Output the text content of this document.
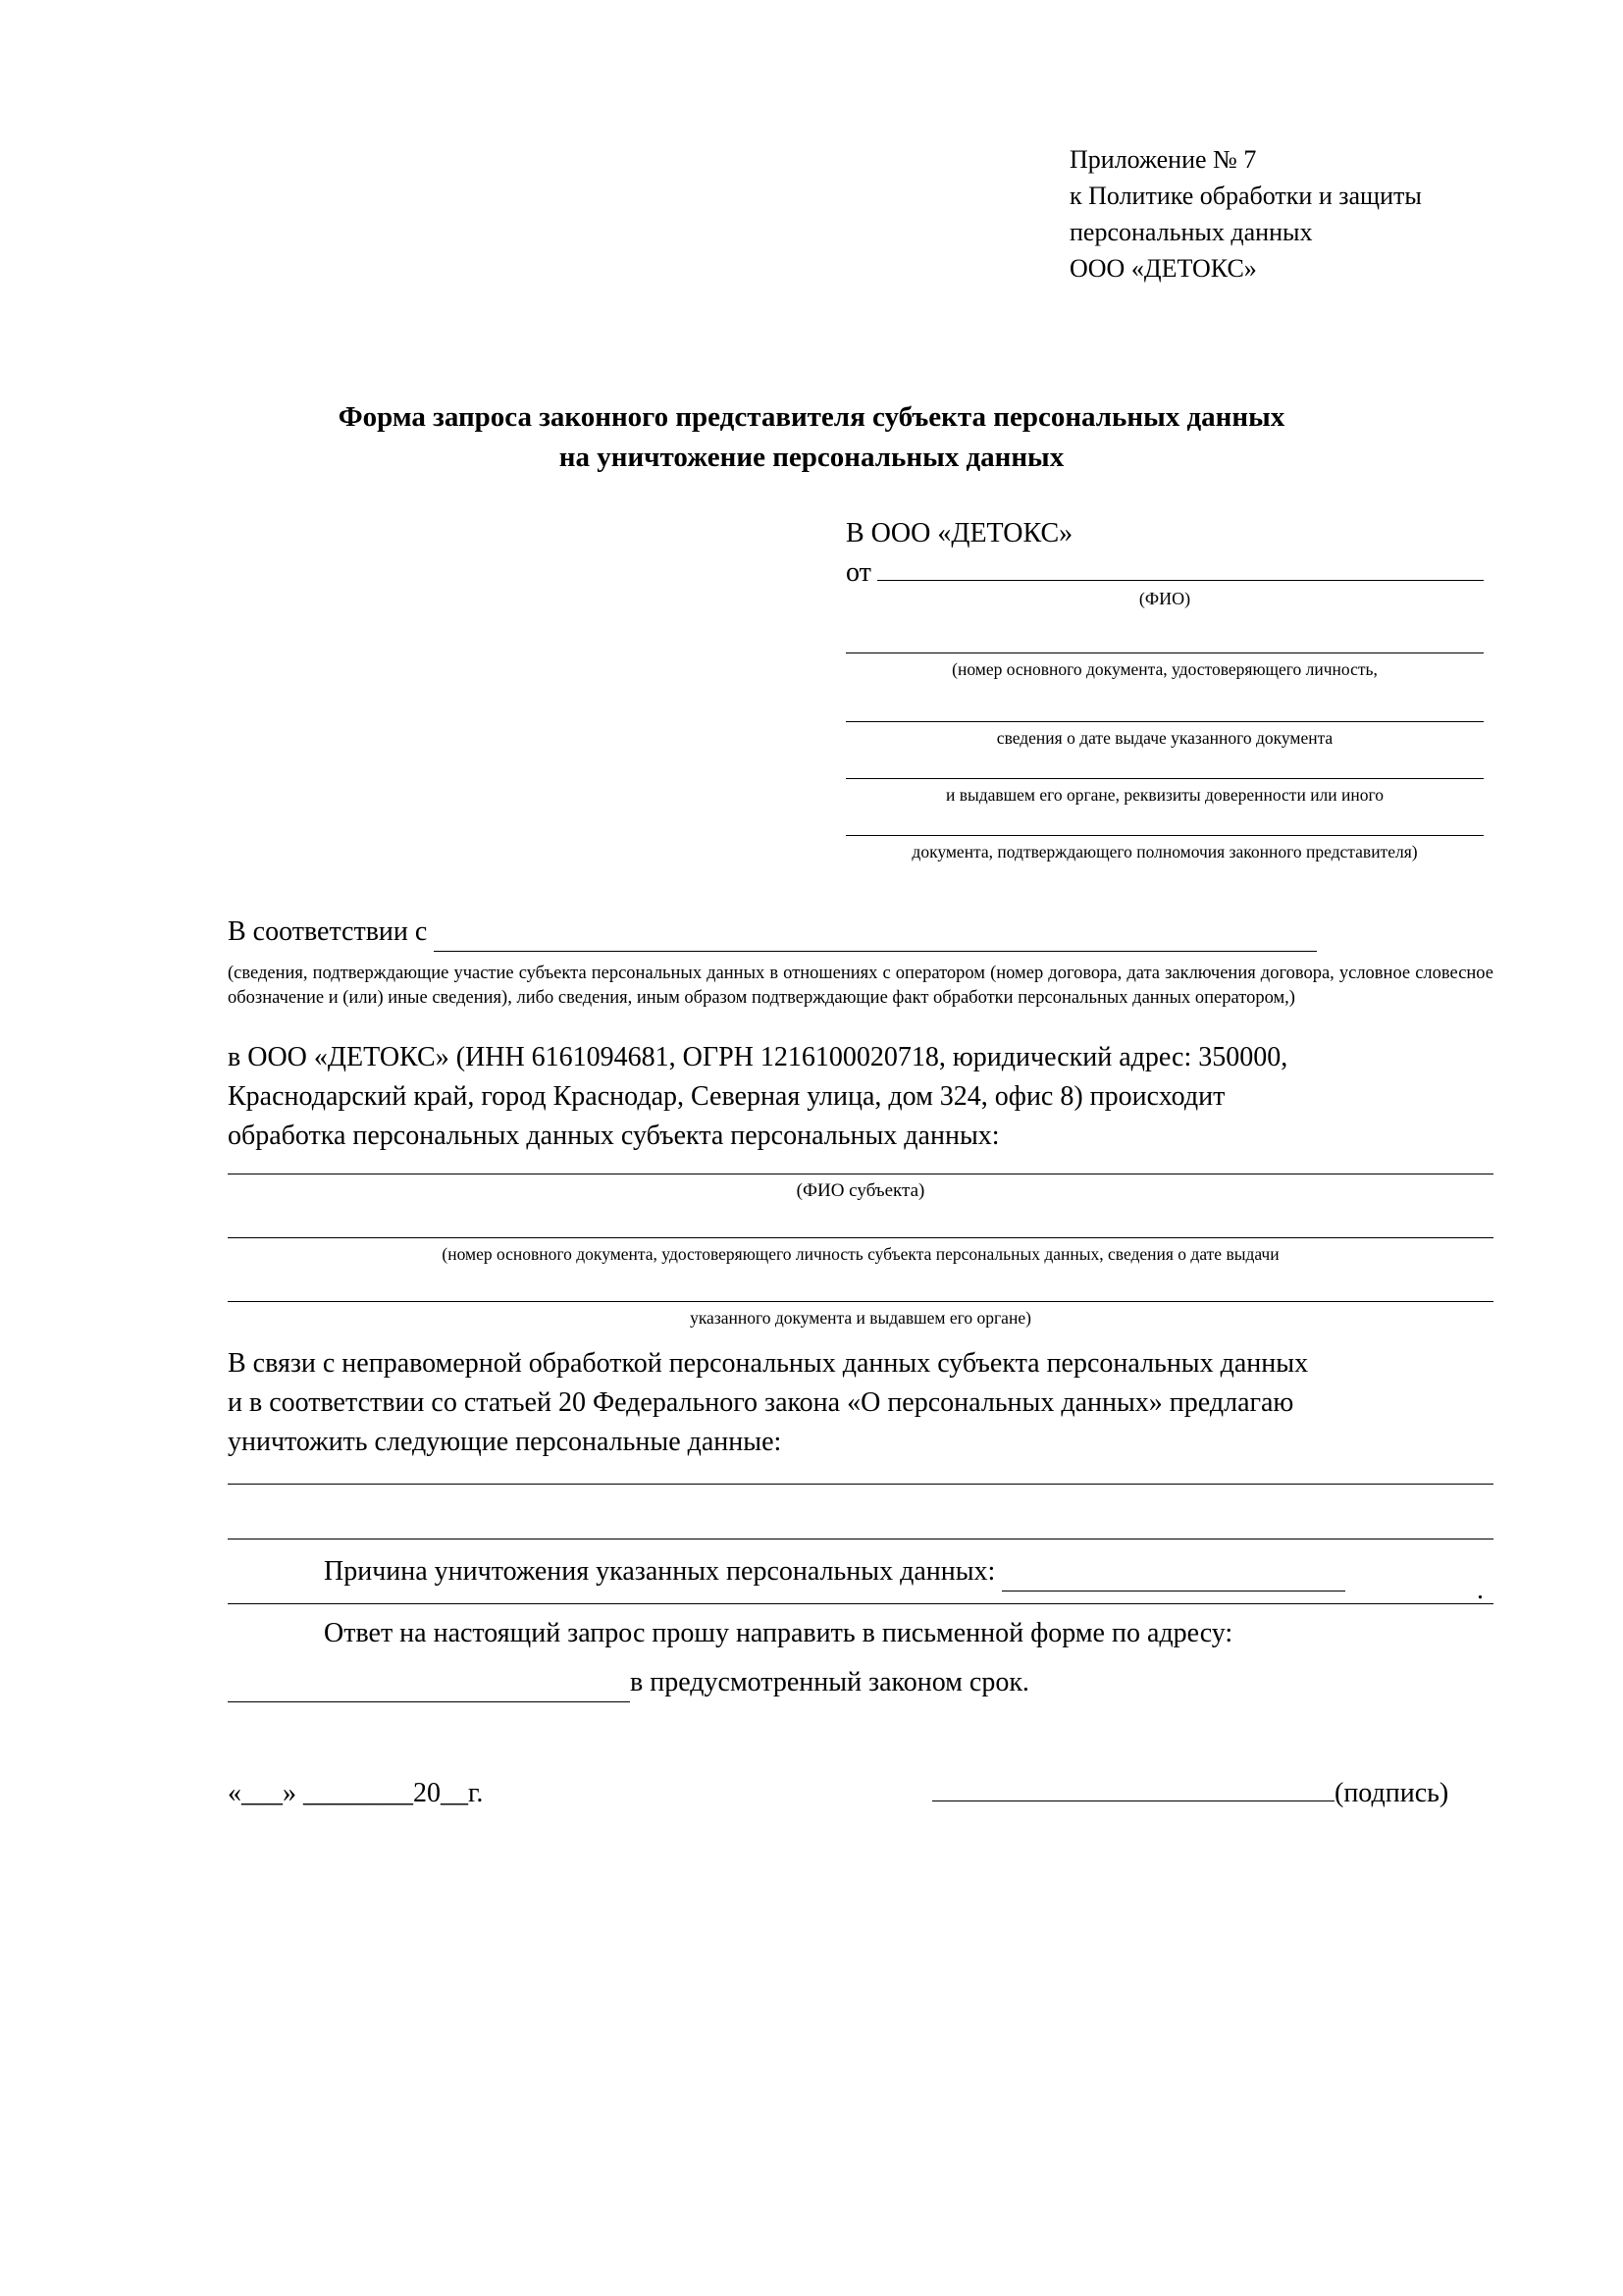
Приложение № 7
к Политике обработки и защиты
персональных данных
ООО «ДЕТОКС»
Форма запроса законного представителя субъекта персональных данных
на уничтожение персональных данных
В ООО «ДЕТОКС»
от
(ФИО)
(номер основного документа, удостоверяющего личность,
сведения о дате выдаче указанного документа
и выдавшем его органе, реквизиты доверенности или иного
документа, подтверждающего полномочия законного представителя)
В соответствии с
(сведения, подтверждающие участие субъекта персональных данных в отношениях с оператором (номер договора, дата заключения договора, условное словесное обозначение и (или) иные сведения), либо сведения, иным образом подтверждающие факт обработки персональных данных оператором,)
в ООО «ДЕТОКС» (ИНН 6161094681, ОГРН 1216100020718, юридический адрес: 350000,
Краснодарский край, город Краснодар, Северная улица, дом 324, офис 8) происходит
обработка персональных данных субъекта персональных данных:
(ФИО субъекта)
(номер основного документа, удостоверяющего личность субъекта персональных данных, сведения о дате выдачи
указанного документа и выдавшем его органе)
В связи с неправомерной обработкой персональных данных субъекта персональных данных
и в соответствии со статьей 20 Федерального закона «О персональных данных» предлагаю
уничтожить следующие персональные данные:
Причина уничтожения указанных персональных данных:
.
Ответ на настоящий запрос прошу направить в письменной форме по адресу:
в предусмотренный законом срок.
«___» ________20__г.	(подпись)
